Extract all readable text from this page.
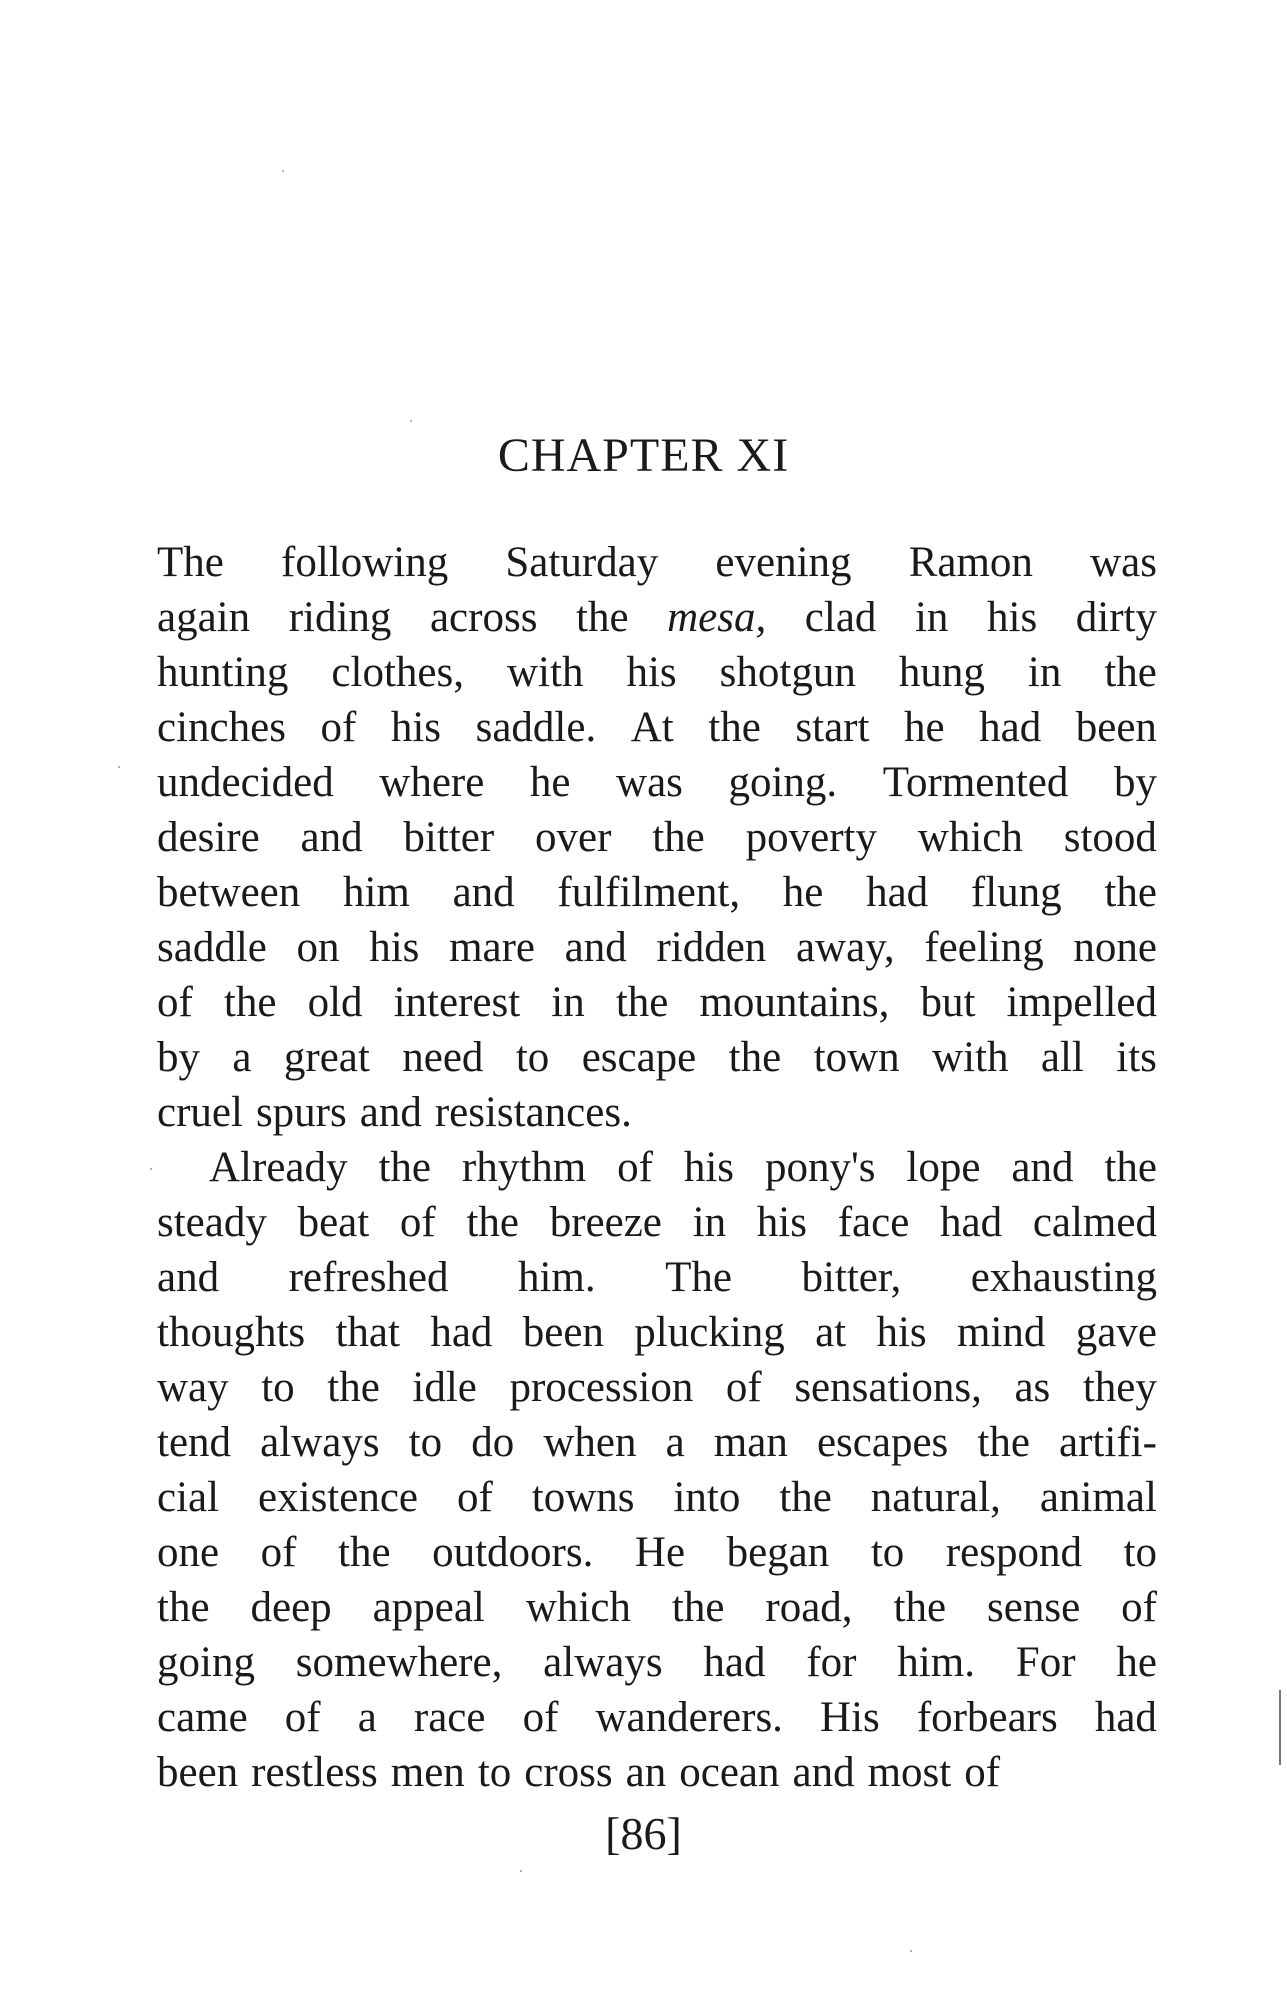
CHAPTER XI
The following Saturday evening Ramon was
again riding across the mesa, clad in his dirty
hunting clothes, with his shotgun hung in the
cinches of his saddle. At the start he had been
undecided where he was going. Tormented by
desire and bitter over the poverty which stood
between him and fulfilment, he had flung the
saddle on his mare and ridden away, feeling none
of the old interest in the mountains, but impelled
by a great need to escape the town with all its
cruel spurs and resistances.
Already the rhythm of his pony's lope and the
steady beat of the breeze in his face had calmed
and refreshed him. The bitter, exhausting
thoughts that had been plucking at his mind gave
way to the idle procession of sensations, as they
tend always to do when a man escapes the artifi-
cial existence of towns into the natural, animal
one of the outdoors. He began to respond to
the deep appeal which the road, the sense of
going somewhere, always had for him. For he
came of a race of wanderers. His forbears had
been restless men to cross an ocean and most of
[86]
